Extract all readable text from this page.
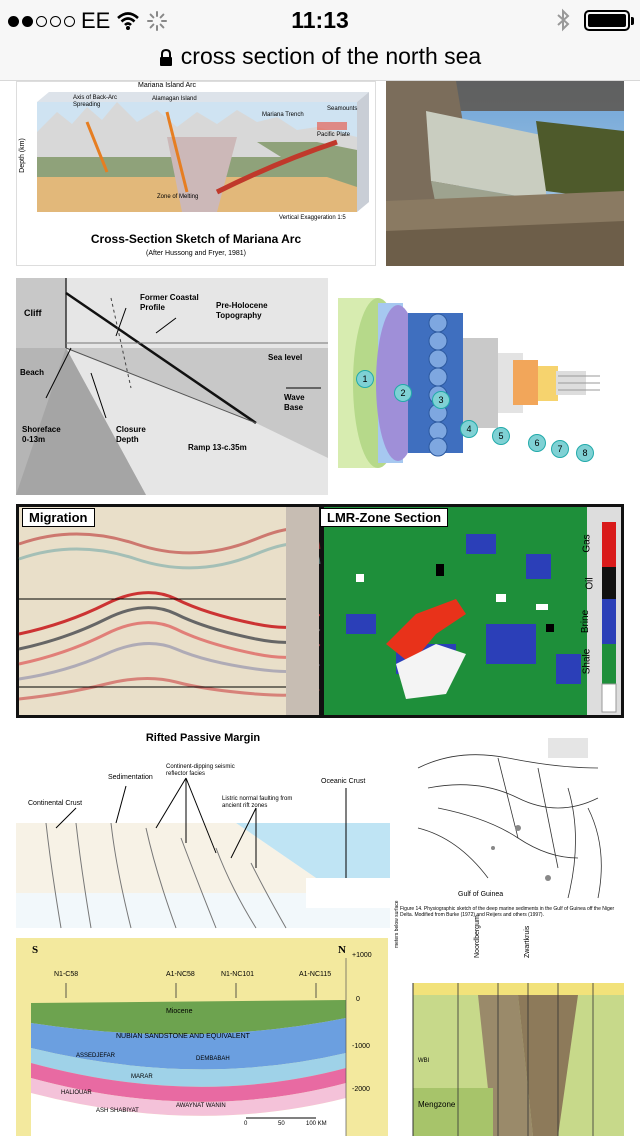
EE	11:13
cross section of the north sea
Mariana Island Arc
Depth (km)
Axis of Back-Arc Spreading
Alamagan Island
Mariana Trench
Seamounts
Pacific Plate
Zone of Melting
Vertical Exaggeration 1:5
Cross-Section Sketch of Mariana Arc
(After Hussong and Fryer, 1981)
Cliff
Former Coastal Profile	Pre-Holocene Topography
Sea level
Beach
Wave Base
Shoreface 0-13m
Closure Depth
Ramp 13-c.35m
1
2
3
4
5
6
7	8
Migration	LMR-Zone Section
Gas
Oil
Brine
Shale
Rifted Passive Margin
Continental Crust
Sedimentation
Continent-dipping seismic reflector facies
Listric normal faulting from ancient rift zones
Oceanic Crust
Gulf of Guinea
Figure 14. Physiographic sketch of the deep marine sediments in the Gulf of Guinea off the Niger Delta. Modified from Burke (1972) and Reijers and others (1997).
S	N
N1-C58	A1-NC58	N1-NC101	A1-NC115
+1000
0
-1000
-2000
Miocene
NUBIAN SANDSTONE AND EQUIVALENT
ASSEDJEFAR	DEMBABAH
MARAR
HALIOUAR
ASH SHABIYAT
AWAYNAT WANIN
0	50	100 KM
Noordbergum	Zwartkruis
meters below surface
Mengzone
WBI
